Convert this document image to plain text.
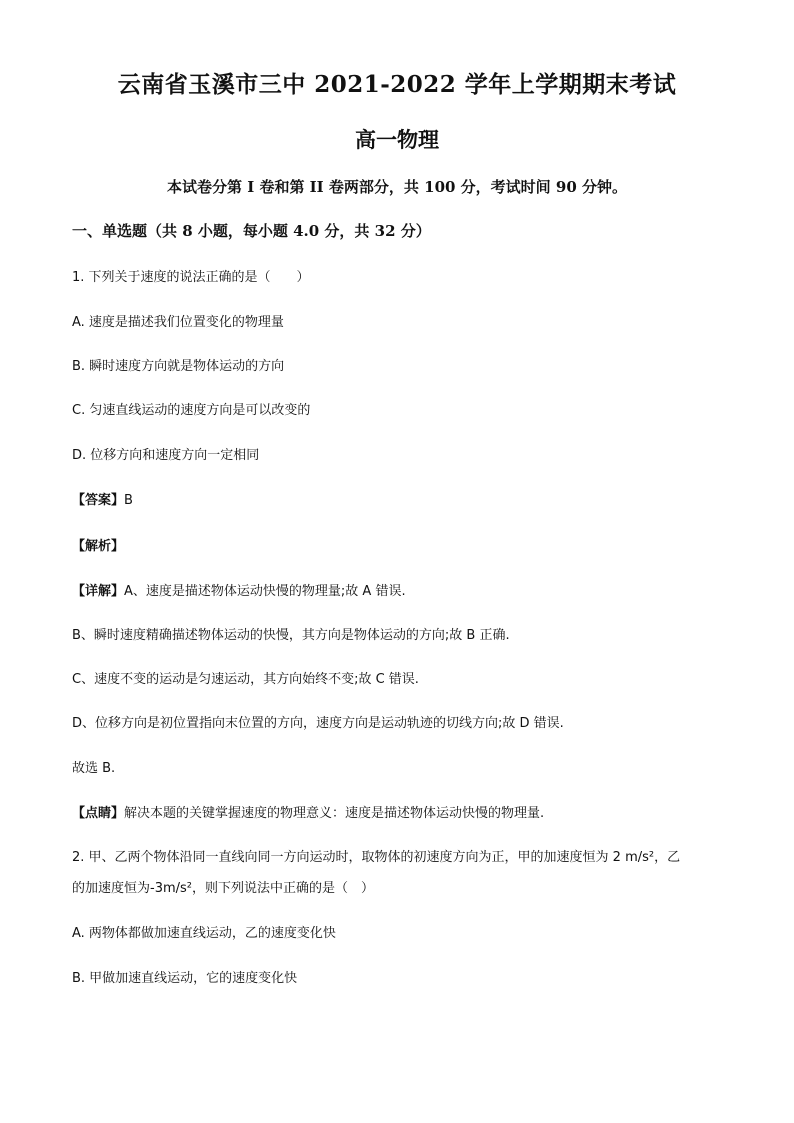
云南省玉溪市三中 2021-2022 学年上学期期末考试
高一物理
本试卷分第 I 卷和第 II 卷两部分，共 100 分，考试时间 90 分钟。
一、单选题（共 8 小题，每小题 4.0 分，共 32 分）
1. 下列关于速度的说法正确的是（　　）
A. 速度是描述我们位置变化的物理量
B. 瞬时速度方向就是物体运动的方向
C. 匀速直线运动的速度方向是可以改变的
D. 位移方向和速度方向一定相同
【答案】B
【解析】
【详解】A、速度是描述物体运动快慢的物理量;故 A 错误.
B、瞬时速度精确描述物体运动的快慢，其方向是物体运动的方向;故 B 正确.
C、速度不变的运动是匀速运动，其方向始终不变;故 C 错误.
D、位移方向是初位置指向末位置的方向，速度方向是运动轨迹的切线方向;故 D 错误.
故选 B.
【点睛】解决本题的关键掌握速度的物理意义：速度是描述物体运动快慢的物理量.
2. 甲、乙两个物体沿同一直线向同一方向运动时，取物体的初速度方向为正，甲的加速度恒为 2 m/s²，乙
的加速度恒为-3m/s²，则下列说法中正确的是（　）
A. 两物体都做加速直线运动，乙的速度变化快
B. 甲做加速直线运动，它的速度变化快
